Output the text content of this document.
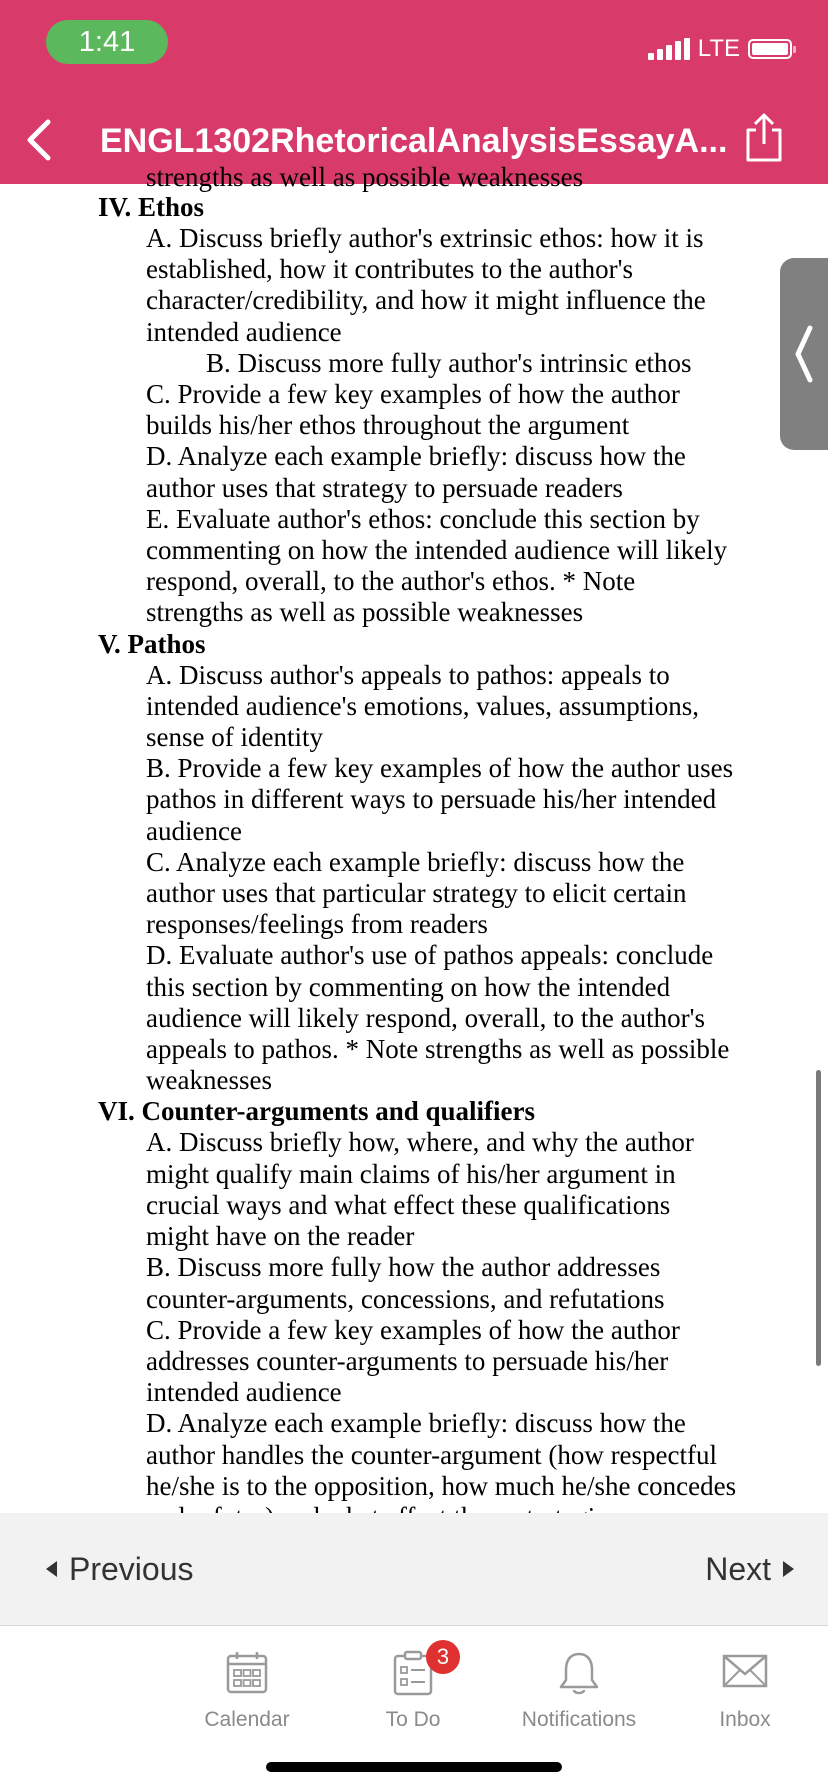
1:41	LTE
ENGL1302RhetoricalAnalysisEssayA...
strengths as well as possible weaknesses

IV. Ethos

A. Discuss briefly author's extrinsic ethos: how it is established, how it contributes to the author's character/credibility, and how it might influence the intended audience

B. Discuss more fully author's intrinsic ethos

C. Provide a few key examples of how the author builds his/her ethos throughout the argument

D. Analyze each example briefly: discuss how the author uses that strategy to persuade readers

E. Evaluate author's ethos: conclude this section by commenting on how the intended audience will likely respond, overall, to the author's ethos. * Note strengths as well as possible weaknesses

V. Pathos

A. Discuss author's appeals to pathos: appeals to intended audience's emotions, values, assumptions, sense of identity

B. Provide a few key examples of how the author uses pathos in different ways to persuade his/her intended audience

C. Analyze each example briefly: discuss how the author uses that particular strategy to elicit certain responses/feelings from readers

D. Evaluate author's use of pathos appeals: conclude this section by commenting on how the intended audience will likely respond, overall, to the author's appeals to pathos. * Note strengths as well as possible weaknesses

VI. Counter-arguments and qualifiers

A. Discuss briefly how, where, and why the author might qualify main claims of his/her argument in crucial ways and what effect these qualifications might have on the reader

B. Discuss more fully how the author addresses counter-arguments, concessions, and refutations

C. Provide a few key examples of how the author addresses counter-arguments to persuade his/her intended audience

D. Analyze each example briefly: discuss how the author handles the counter-argument (how respectful he/she is to the opposition, how much he/she concedes

Previous	Next
Calendar
3
To Do	Notifications	Inbox
